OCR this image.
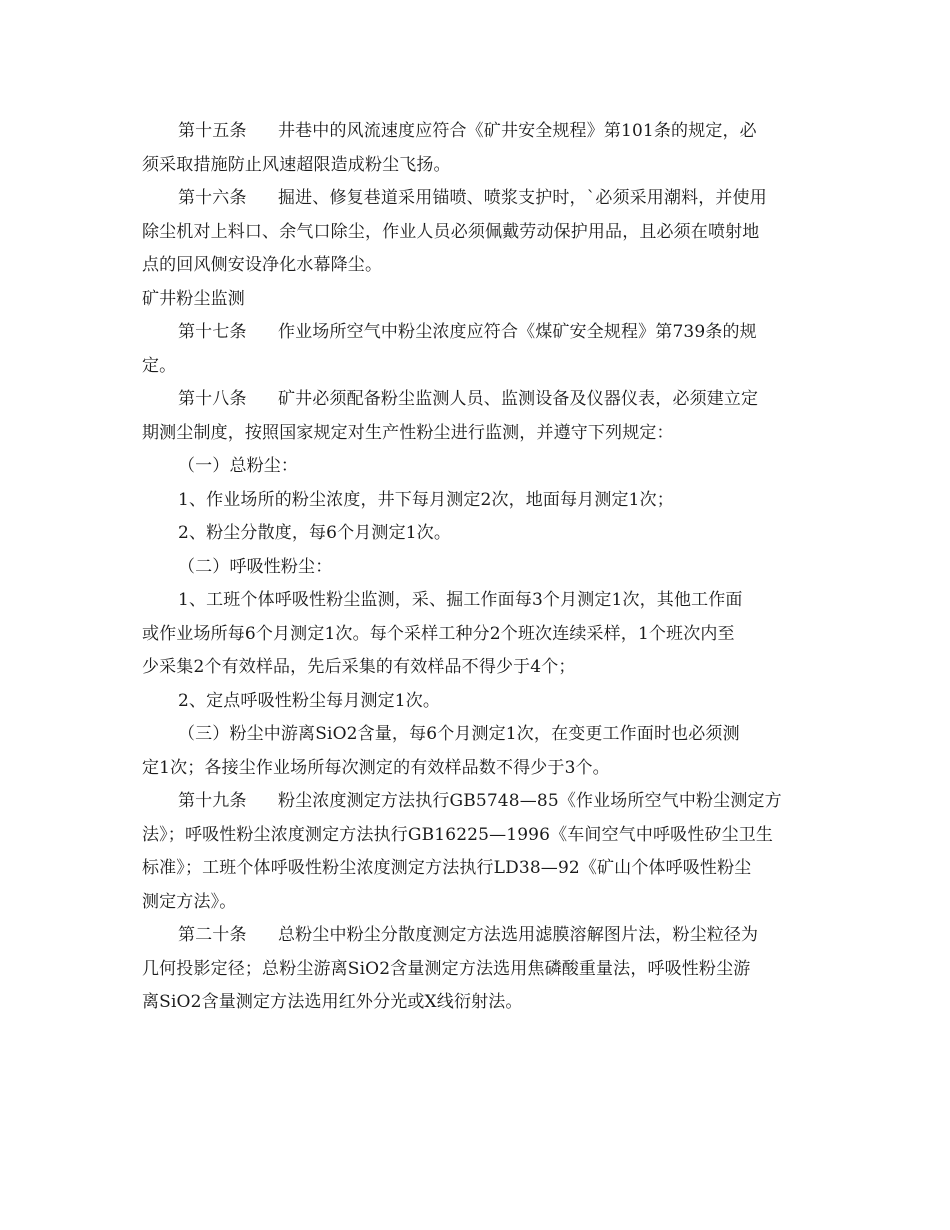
第十五条 井巷中的风流速度应符合《矿井安全规程》第101条的规定，必
须采取措施防止风速超限造成粉尘飞扬。
第十六条 掘进、修复巷道采用锚喷、喷浆支护时，`必须采用潮料，并使用
除尘机对上料口、余气口除尘，作业人员必须佩戴劳动保护用品，且必须在喷射地
点的回风侧安设净化水幕降尘。
矿井粉尘监测
第十七条 作业场所空气中粉尘浓度应符合《煤矿安全规程》第739条的规
定。
第十八条 矿井必须配备粉尘监测人员、监测设备及仪器仪表，必须建立定
期测尘制度，按照国家规定对生产性粉尘进行监测，并遵守下列规定：
（一）总粉尘：
1、作业场所的粉尘浓度，井下每月测定2次，地面每月测定1次；
2、粉尘分散度，每6个月测定1次。
（二）呼吸性粉尘：
1、工班个体呼吸性粉尘监测，采、掘工作面每3个月测定1次，其他工作面
或作业场所每6个月测定1次。每个采样工种分2个班次连续采样，1个班次内至
少采集2个有效样品，先后采集的有效样品不得少于4个；
2、定点呼吸性粉尘每月测定1次。
（三）粉尘中游离SiO2含量，每6个月测定1次，在变更工作面时也必须测
定1次；各接尘作业场所每次测定的有效样品数不得少于3个。
第十九条 粉尘浓度测定方法执行GB5748—85《作业场所空气中粉尘测定方
法》；呼吸性粉尘浓度测定方法执行GB16225—1996《车间空气中呼吸性矽尘卫生
标准》；工班个体呼吸性粉尘浓度测定方法执行LD38—92《矿山个体呼吸性粉尘
测定方法》。
第二十条 总粉尘中粉尘分散度测定方法选用滤膜溶解图片法，粉尘粒径为
几何投影定径；总粉尘游离SiO2含量测定方法选用焦磷酸重量法，呼吸性粉尘游
离SiO2含量测定方法选用红外分光或X线衍射法。
